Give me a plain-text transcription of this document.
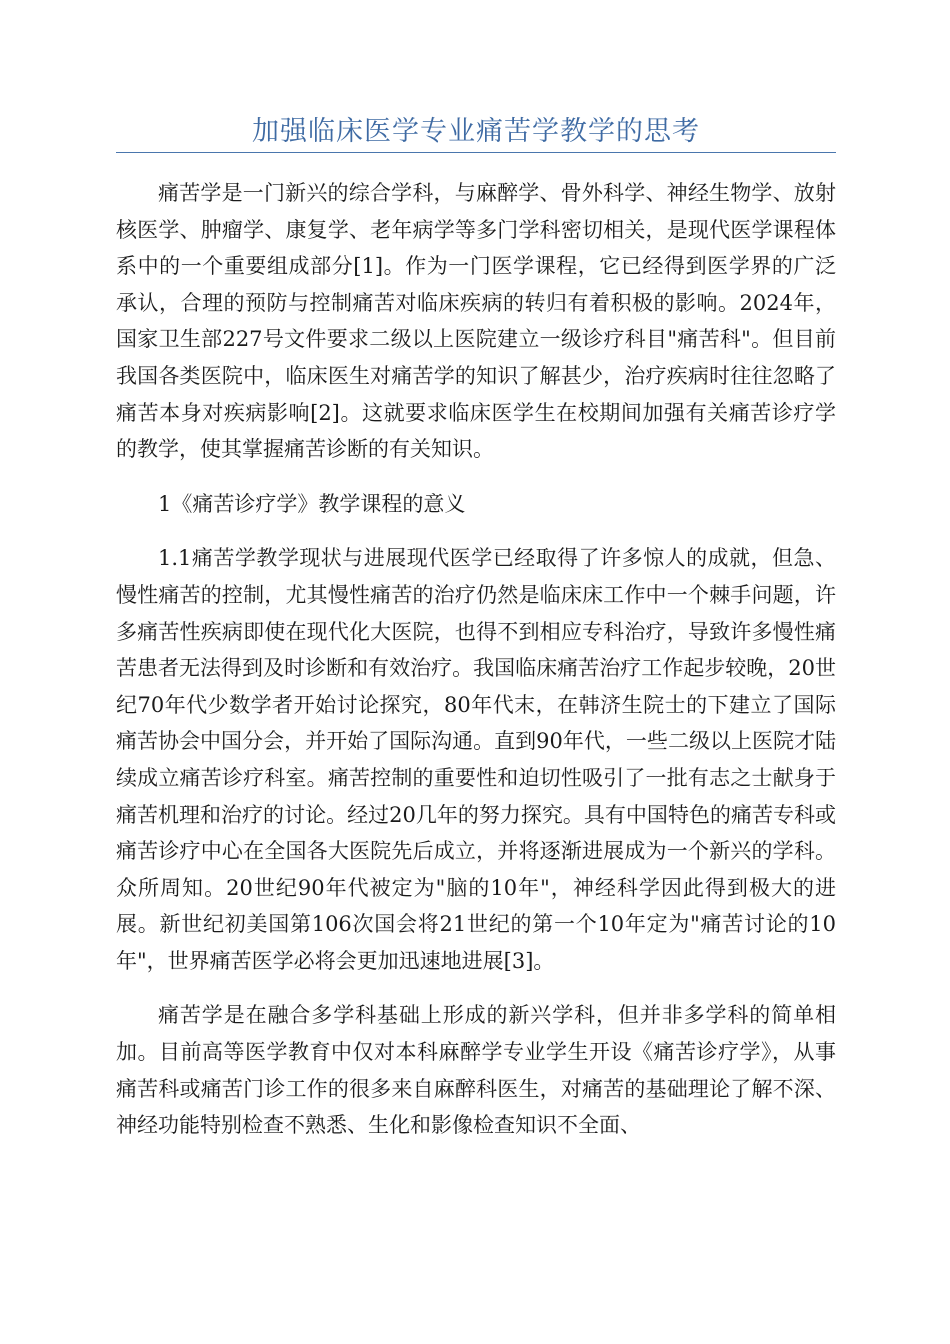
加强临床医学专业痛苦学教学的思考

痛苦学是一门新兴的综合学科，与麻醉学、骨外科学、神经生物学、放射核医学、肿瘤学、康复学、老年病学等多门学科密切相关，是现代医学课程体系中的一个重要组成部分[1]。作为一门医学课程，它已经得到医学界的广泛承认，合理的预防与控制痛苦对临床疾病的转归有着积极的影响。2024年，国家卫生部227号文件要求二级以上医院建立一级诊疗科目"痛苦科"。但目前我国各类医院中，临床医生对痛苦学的知识了解甚少，治疗疾病时往往忽略了痛苦本身对疾病影响[2]。这就要求临床医学生在校期间加强有关痛苦诊疗学的教学，使其掌握痛苦诊断的有关知识。

1《痛苦诊疗学》教学课程的意义

1.1痛苦学教学现状与进展现代医学已经取得了许多惊人的成就，但急、慢性痛苦的控制，尤其慢性痛苦的治疗仍然是临床床工作中一个棘手问题，许多痛苦性疾病即使在现代化大医院，也得不到相应专科治疗，导致许多慢性痛苦患者无法得到及时诊断和有效治疗。我国临床痛苦治疗工作起步较晚，20世纪70年代少数学者开始讨论探究，80年代末，在韩济生院士的下建立了国际痛苦协会中国分会，并开始了国际沟通。直到90年代，一些二级以上医院才陆续成立痛苦诊疗科室。痛苦控制的重要性和迫切性吸引了一批有志之士献身于痛苦机理和治疗的讨论。经过20几年的努力探究。具有中国特色的痛苦专科或痛苦诊疗中心在全国各大医院先后成立，并将逐渐进展成为一个新兴的学科。众所周知。20世纪90年代被定为"脑的10年"，神经科学因此得到极大的进展。新世纪初美国第106次国会将21世纪的第一个10年定为"痛苦讨论的10年"，世界痛苦医学必将会更加迅速地进展[3]。

痛苦学是在融合多学科基础上形成的新兴学科，但并非多学科的简单相加。目前高等医学教育中仅对本科麻醉学专业学生开设《痛苦诊疗学》，从事痛苦科或痛苦门诊工作的很多来自麻醉科医生，对痛苦的基础理论了解不深、神经功能特别检查不熟悉、生化和影像检查知识不全面、
